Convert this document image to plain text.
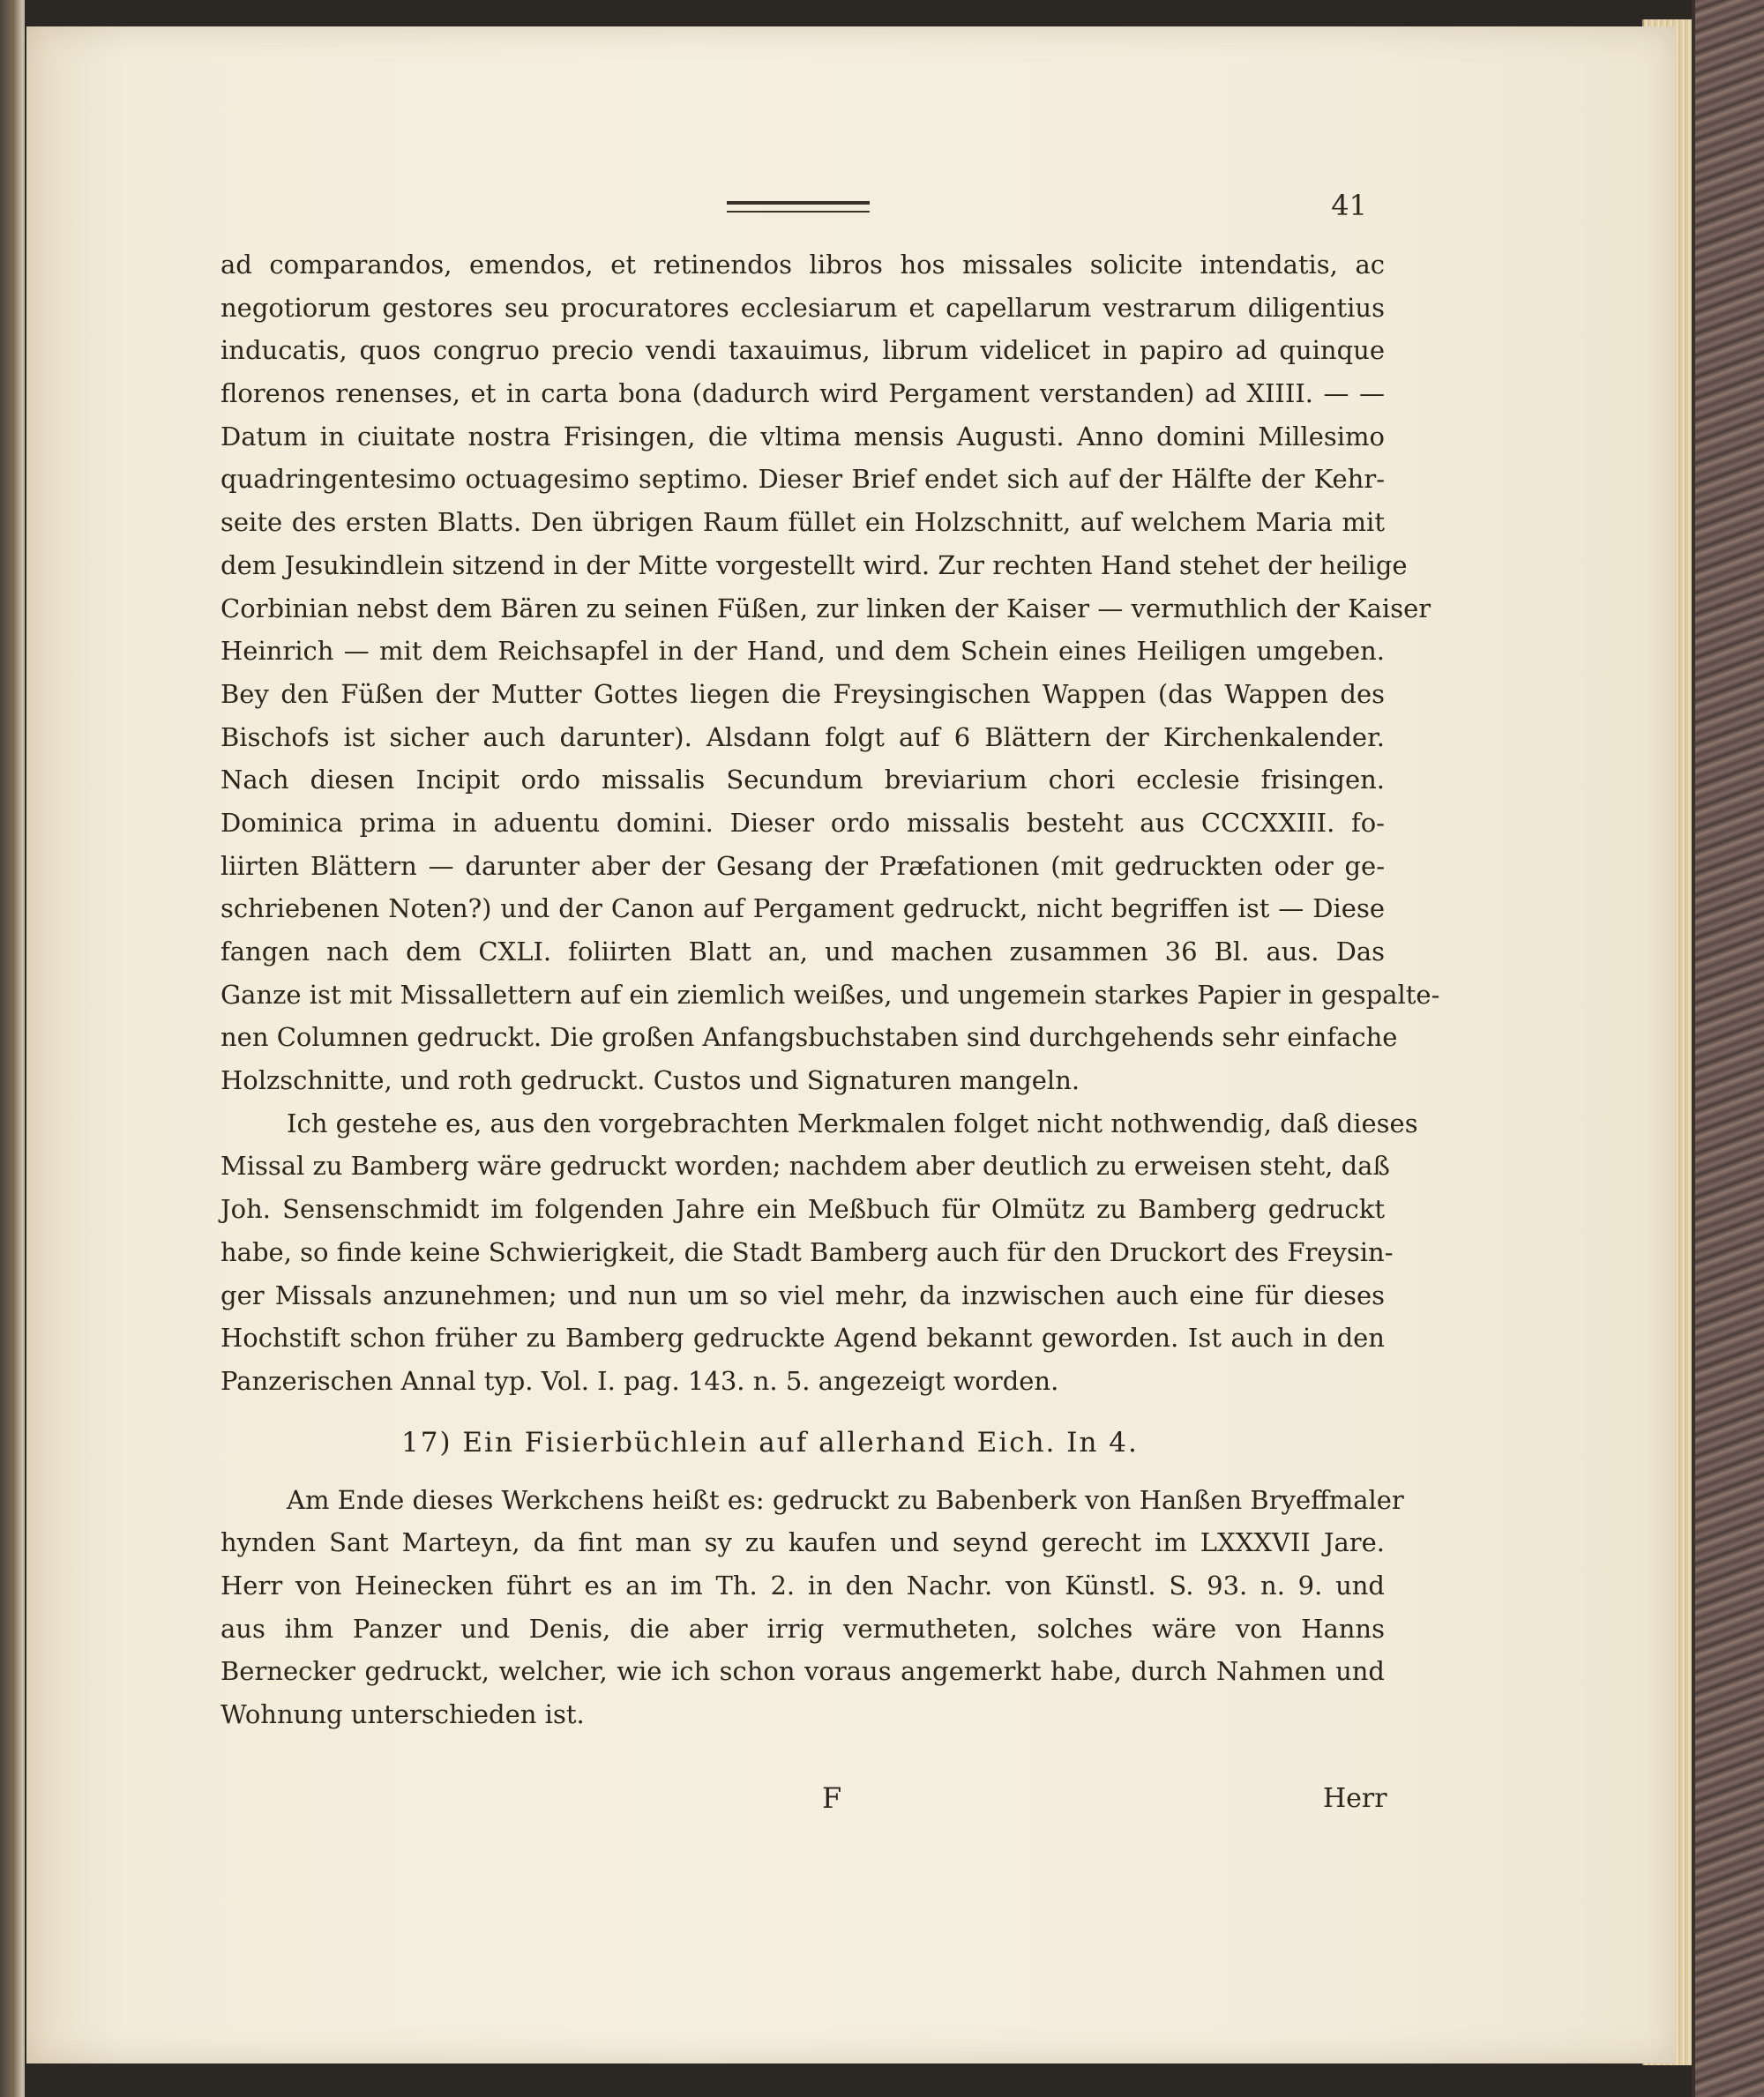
41
ad comparandos, emendos, et retinendos libros hos missales solicite intendatis, ac
negotiorum gestores seu procuratores ecclesiarum et capellarum vestrarum diligentius
inducatis, quos congruo precio vendi taxauimus, librum videlicet in papiro ad quinque
florenos renenses, et in carta bona (dadurch wird Pergament verstanden) ad XIIII. — —
Datum in ciuitate nostra Frisingen, die vltima mensis Augusti. Anno domini Millesimo
quadringentesimo octuagesimo septimo. Dieser Brief endet sich auf der Hälfte der Kehr-
seite des ersten Blatts. Den übrigen Raum füllet ein Holzschnitt, auf welchem Maria mit
dem Jesukindlein sitzend in der Mitte vorgestellt wird. Zur rechten Hand stehet der heilige
Corbinian nebst dem Bären zu seinen Füßen, zur linken der Kaiser — vermuthlich der Kaiser
Heinrich — mit dem Reichsapfel in der Hand, und dem Schein eines Heiligen umgeben.
Bey den Füßen der Mutter Gottes liegen die Freysingischen Wappen (das Wappen des
Bischofs ist sicher auch darunter). Alsdann folgt auf 6 Blättern der Kirchenkalender.
Nach diesen Incipit ordo missalis Secundum breviarium chori ecclesie frisingen.
Dominica prima in aduentu domini. Dieser ordo missalis besteht aus CCCXXIII. fo-
liirten Blättern — darunter aber der Gesang der Præfationen (mit gedruckten oder ge-
schriebenen Noten?) und der Canon auf Pergament gedruckt, nicht begriffen ist — Diese
fangen nach dem CXLI. foliirten Blatt an, und machen zusammen 36 Bl. aus. Das
Ganze ist mit Missallettern auf ein ziemlich weißes, und ungemein starkes Papier in gespalte-
nen Columnen gedruckt. Die großen Anfangsbuchstaben sind durchgehends sehr einfache
Holzschnitte, und roth gedruckt. Custos und Signaturen mangeln.
Ich gestehe es, aus den vorgebrachten Merkmalen folget nicht nothwendig, daß dieses
Missal zu Bamberg wäre gedruckt worden; nachdem aber deutlich zu erweisen steht, daß
Joh. Sensenschmidt im folgenden Jahre ein Meßbuch für Olmütz zu Bamberg gedruckt
habe, so finde keine Schwierigkeit, die Stadt Bamberg auch für den Druckort des Freysin-
ger Missals anzunehmen; und nun um so viel mehr, da inzwischen auch eine für dieses
Hochstift schon früher zu Bamberg gedruckte Agend bekannt geworden. Ist auch in den
Panzerischen Annal typ. Vol. I. pag. 143. n. 5. angezeigt worden.
17) Ein Fisierbüchlein auf allerhand Eich. In 4.
Am Ende dieses Werkchens heißt es: gedruckt zu Babenberk von Hanßen Bryeffmaler
hynden Sant Marteyn, da fint man sy zu kaufen und seynd gerecht im LXXXVII Jare.
Herr von Heinecken führt es an im Th. 2. in den Nachr. von Künstl. S. 93. n. 9. und
aus ihm Panzer und Denis, die aber irrig vermutheten, solches wäre von Hanns
Bernecker gedruckt, welcher, wie ich schon voraus angemerkt habe, durch Nahmen und
Wohnung unterschieden ist.
F	Herr
